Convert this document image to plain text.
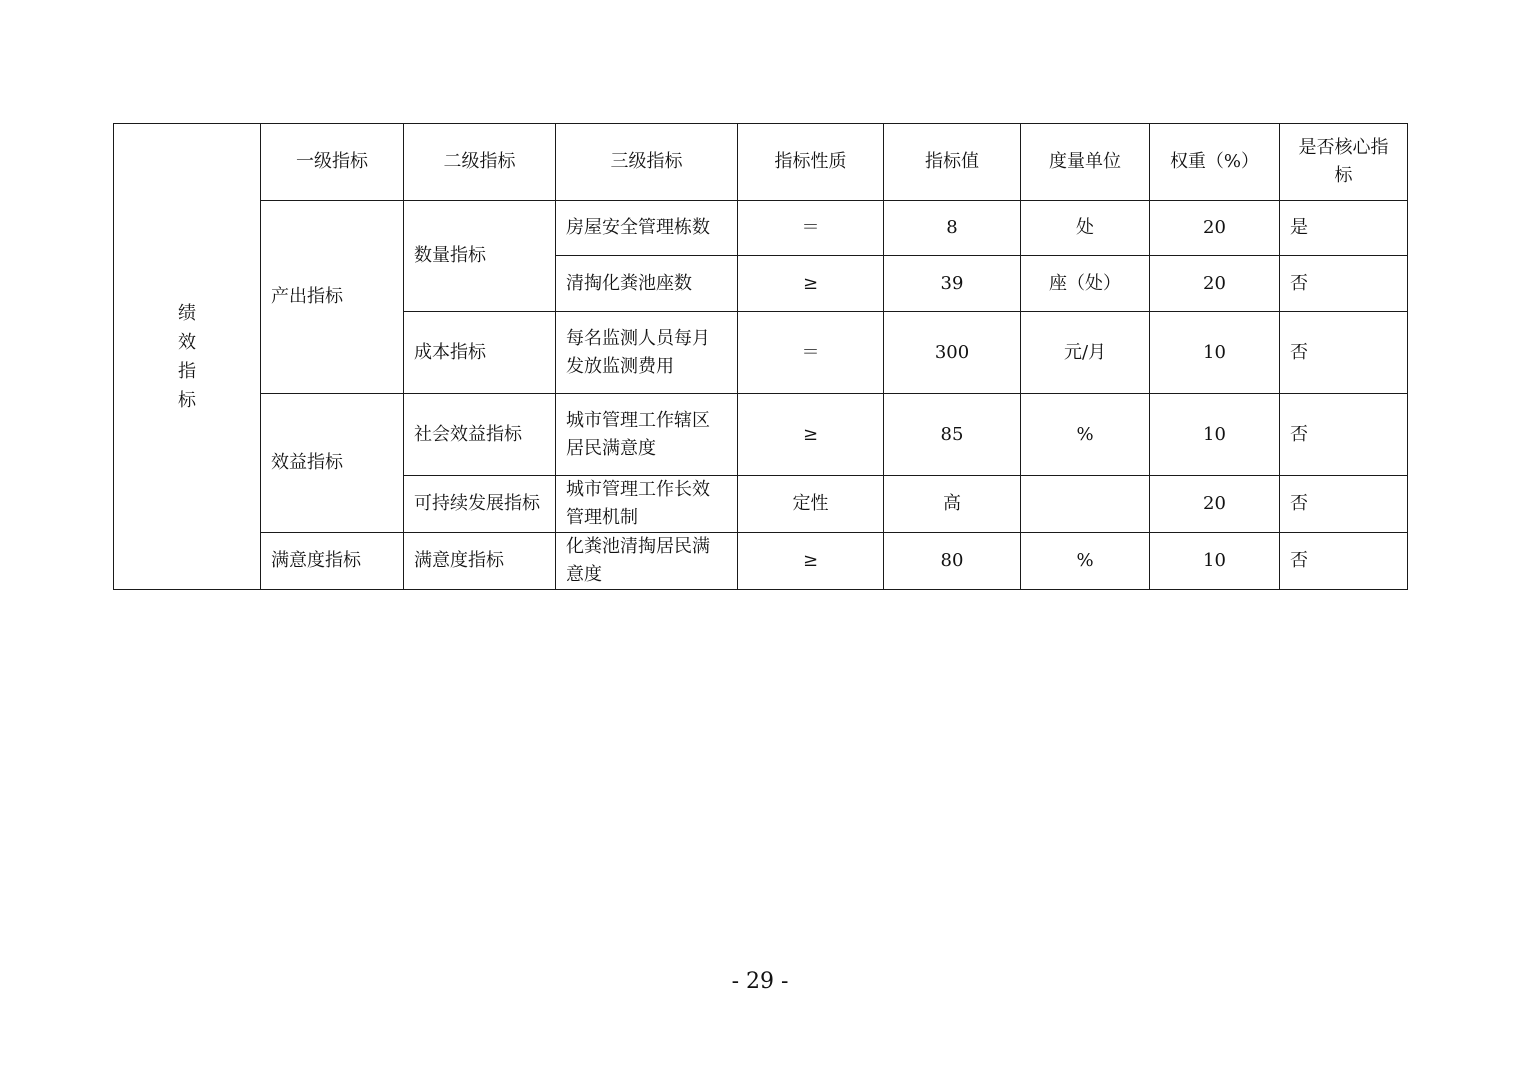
绩效指标	一级指标	二级指标	三级指标	指标性质	指标值	度量单位	权重（%）	是否核心指标
	产出指标	数量指标	房屋安全管理栋数	＝	8	处	20	是
			清掏化粪池座数	≥	39	座（处）	20	否
		成本指标	每名监测人员每月发放监测费用	＝	300	元/月	10	否
	效益指标	社会效益指标	城市管理工作辖区居民满意度	≥	85	%	10	否
		可持续发展指标	城市管理工作长效管理机制	定性	高		20	否
	满意度指标	满意度指标	化粪池清掏居民满意度	≥	80	%	10	否
- 29 -
